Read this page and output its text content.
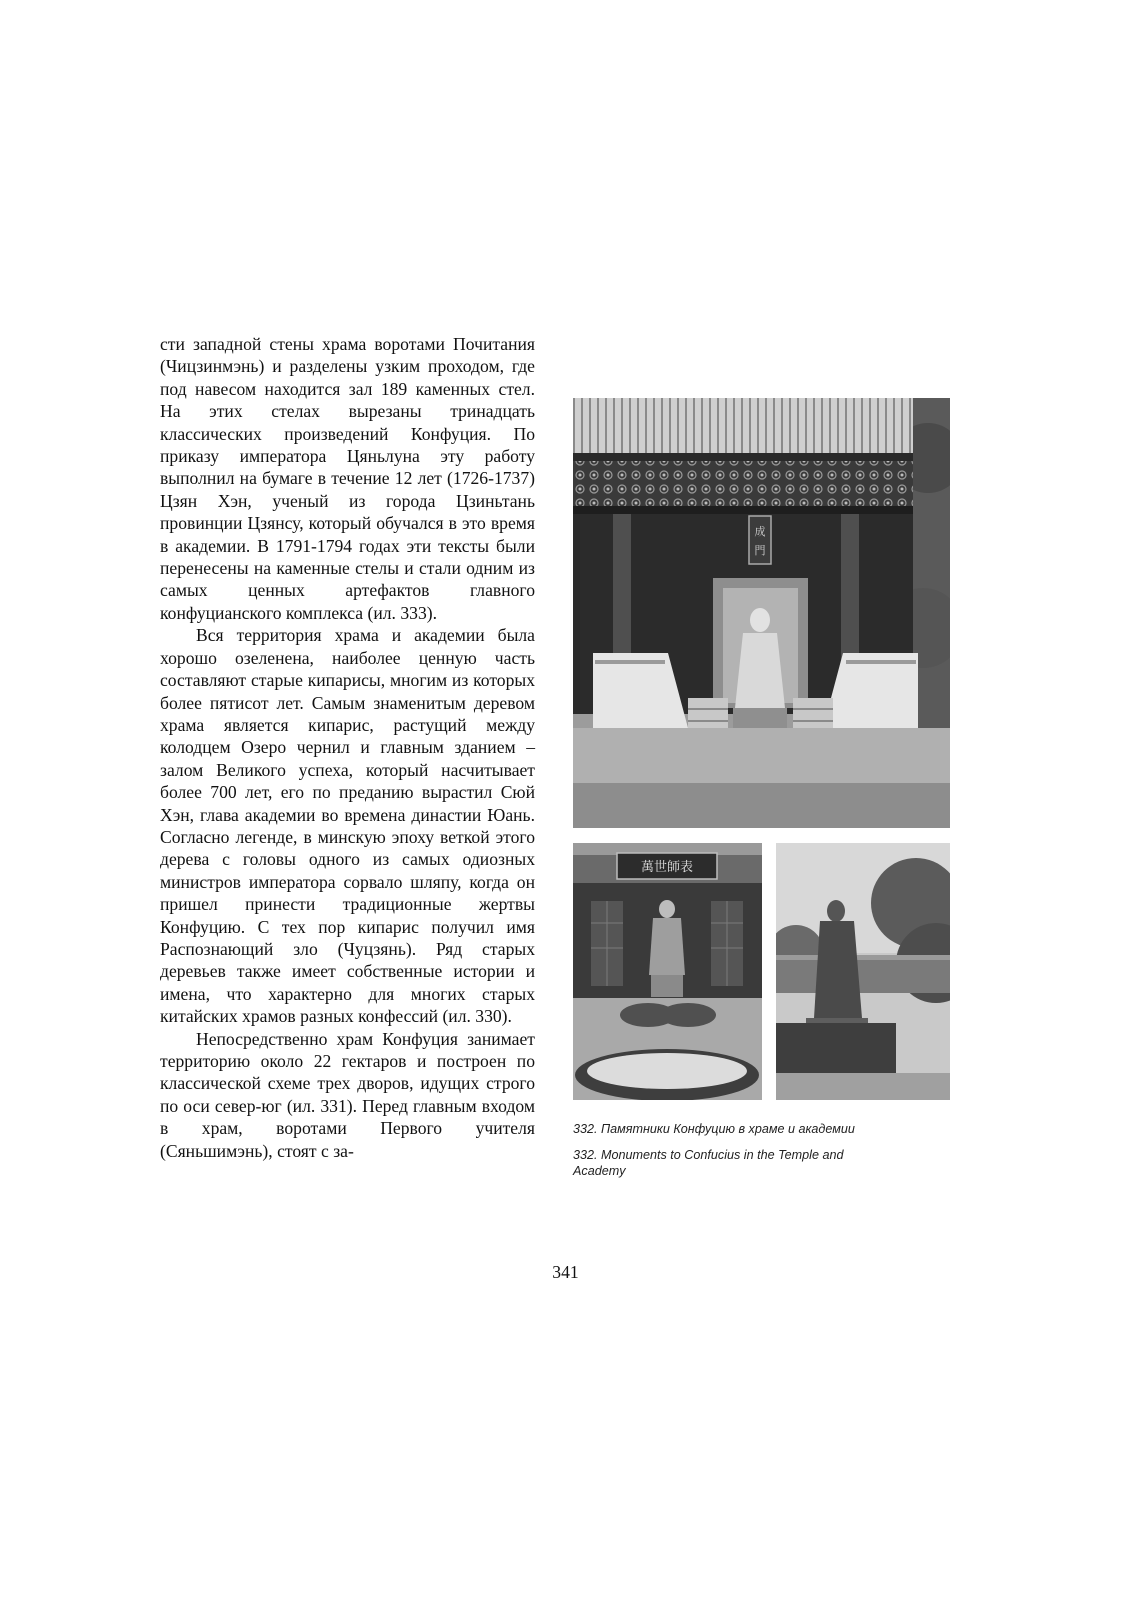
сти западной стены храма воротами Почитания (Чицзинмэнь) и разделены узким проходом, где под навесом находится зал 189 каменных стел. На этих стелах вырезаны тринадцать классических произведений Конфуция. По приказу императора Цяньлуна эту работу выполнил на бумаге в течение 12 лет (1726-1737) Цзян Хэн, ученый из города Цзиньтань провинции Цзянсу, который обучался в это время в академии. В 1791-1794 годах эти тексты были перенесены на каменные стелы и стали одним из самых ценных артефактов главного конфуцианского комплекса (ил. 333).

Вся территория храма и академии была хорошо озеленена, наиболее ценную часть составляют старые кипарисы, многим из которых более пятисот лет. Самым знаменитым деревом храма является кипарис, растущий между колодцем Озеро чернил и главным зданием – залом Великого успеха, который насчитывает более 700 лет, его по преданию вырастил Сюй Хэн, глава академии во времена династии Юань. Согласно легенде, в минскую эпоху веткой этого дерева с головы одного из самых одиозных министров императора сорвало шляпу, когда он пришел принести традиционные жертвы Конфуцию. С тех пор кипарис получил имя Распознающий зло (Чуцзянь). Ряд старых деревьев также имеет собственные истории и имена, что характерно для многих старых китайских храмов разных конфессий (ил. 330).

Непосредственно храм Конфуция занимает территорию около 22 гектаров и построен по классической схеме трех дворов, идущих строго по оси север-юг (ил. 331). Перед главным входом в храм, воротами Первого учителя (Сяньшимэнь), стоят с за-

成
門
萬世師表
332. Памятники Конфуцию в храме и академии
332. Monuments to Confucius in the Temple and Academy
341
